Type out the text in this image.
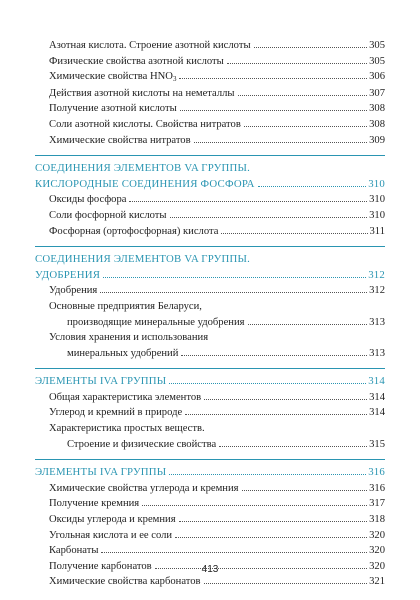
Азотная кислота. Строение азотной кислоты	305
Физические свойства азотной кислоты	305
Химические свойства $HNO_3$	306
Действия азотной кислоты на неметаллы	307
Получение азотной кислоты	308
Соли азотной кислоты. Свойства нитратов	308
Химические свойства нитратов	309
СОЕДИНЕНИЯ ЭЛЕМЕНТОВ VA ГРУППЫ.
КИСЛОРОДНЫЕ СОЕДИНЕНИЯ ФОСФОРА	310
Оксиды фосфора	310
Соли фосфорной кислоты	310
Фосфорная (ортофосфорная) кислота	311
СОЕДИНЕНИЯ ЭЛЕМЕНТОВ VA ГРУППЫ.
УДОБРЕНИЯ	312
Удобрения	312
Основные предприятия Беларуси,
производящие минеральные удобрения	313
Условия хранения и использования
минеральных удобрений	313
ЭЛЕМЕНТЫ IVA ГРУППЫ	314
Общая характеристика элементов	314
Углерод и кремний в природе	314
Характеристика простых веществ.
Строение и физические свойства	315
ЭЛЕМЕНТЫ IVA ГРУППЫ	316
Химические свойства углерода и кремния	316
Получение кремния	317
Оксиды углерода и кремния	318
Угольная кислота и ее соли	320
Карбонаты	320
Получение карбонатов	320
Химические свойства карбонатов	321
413
